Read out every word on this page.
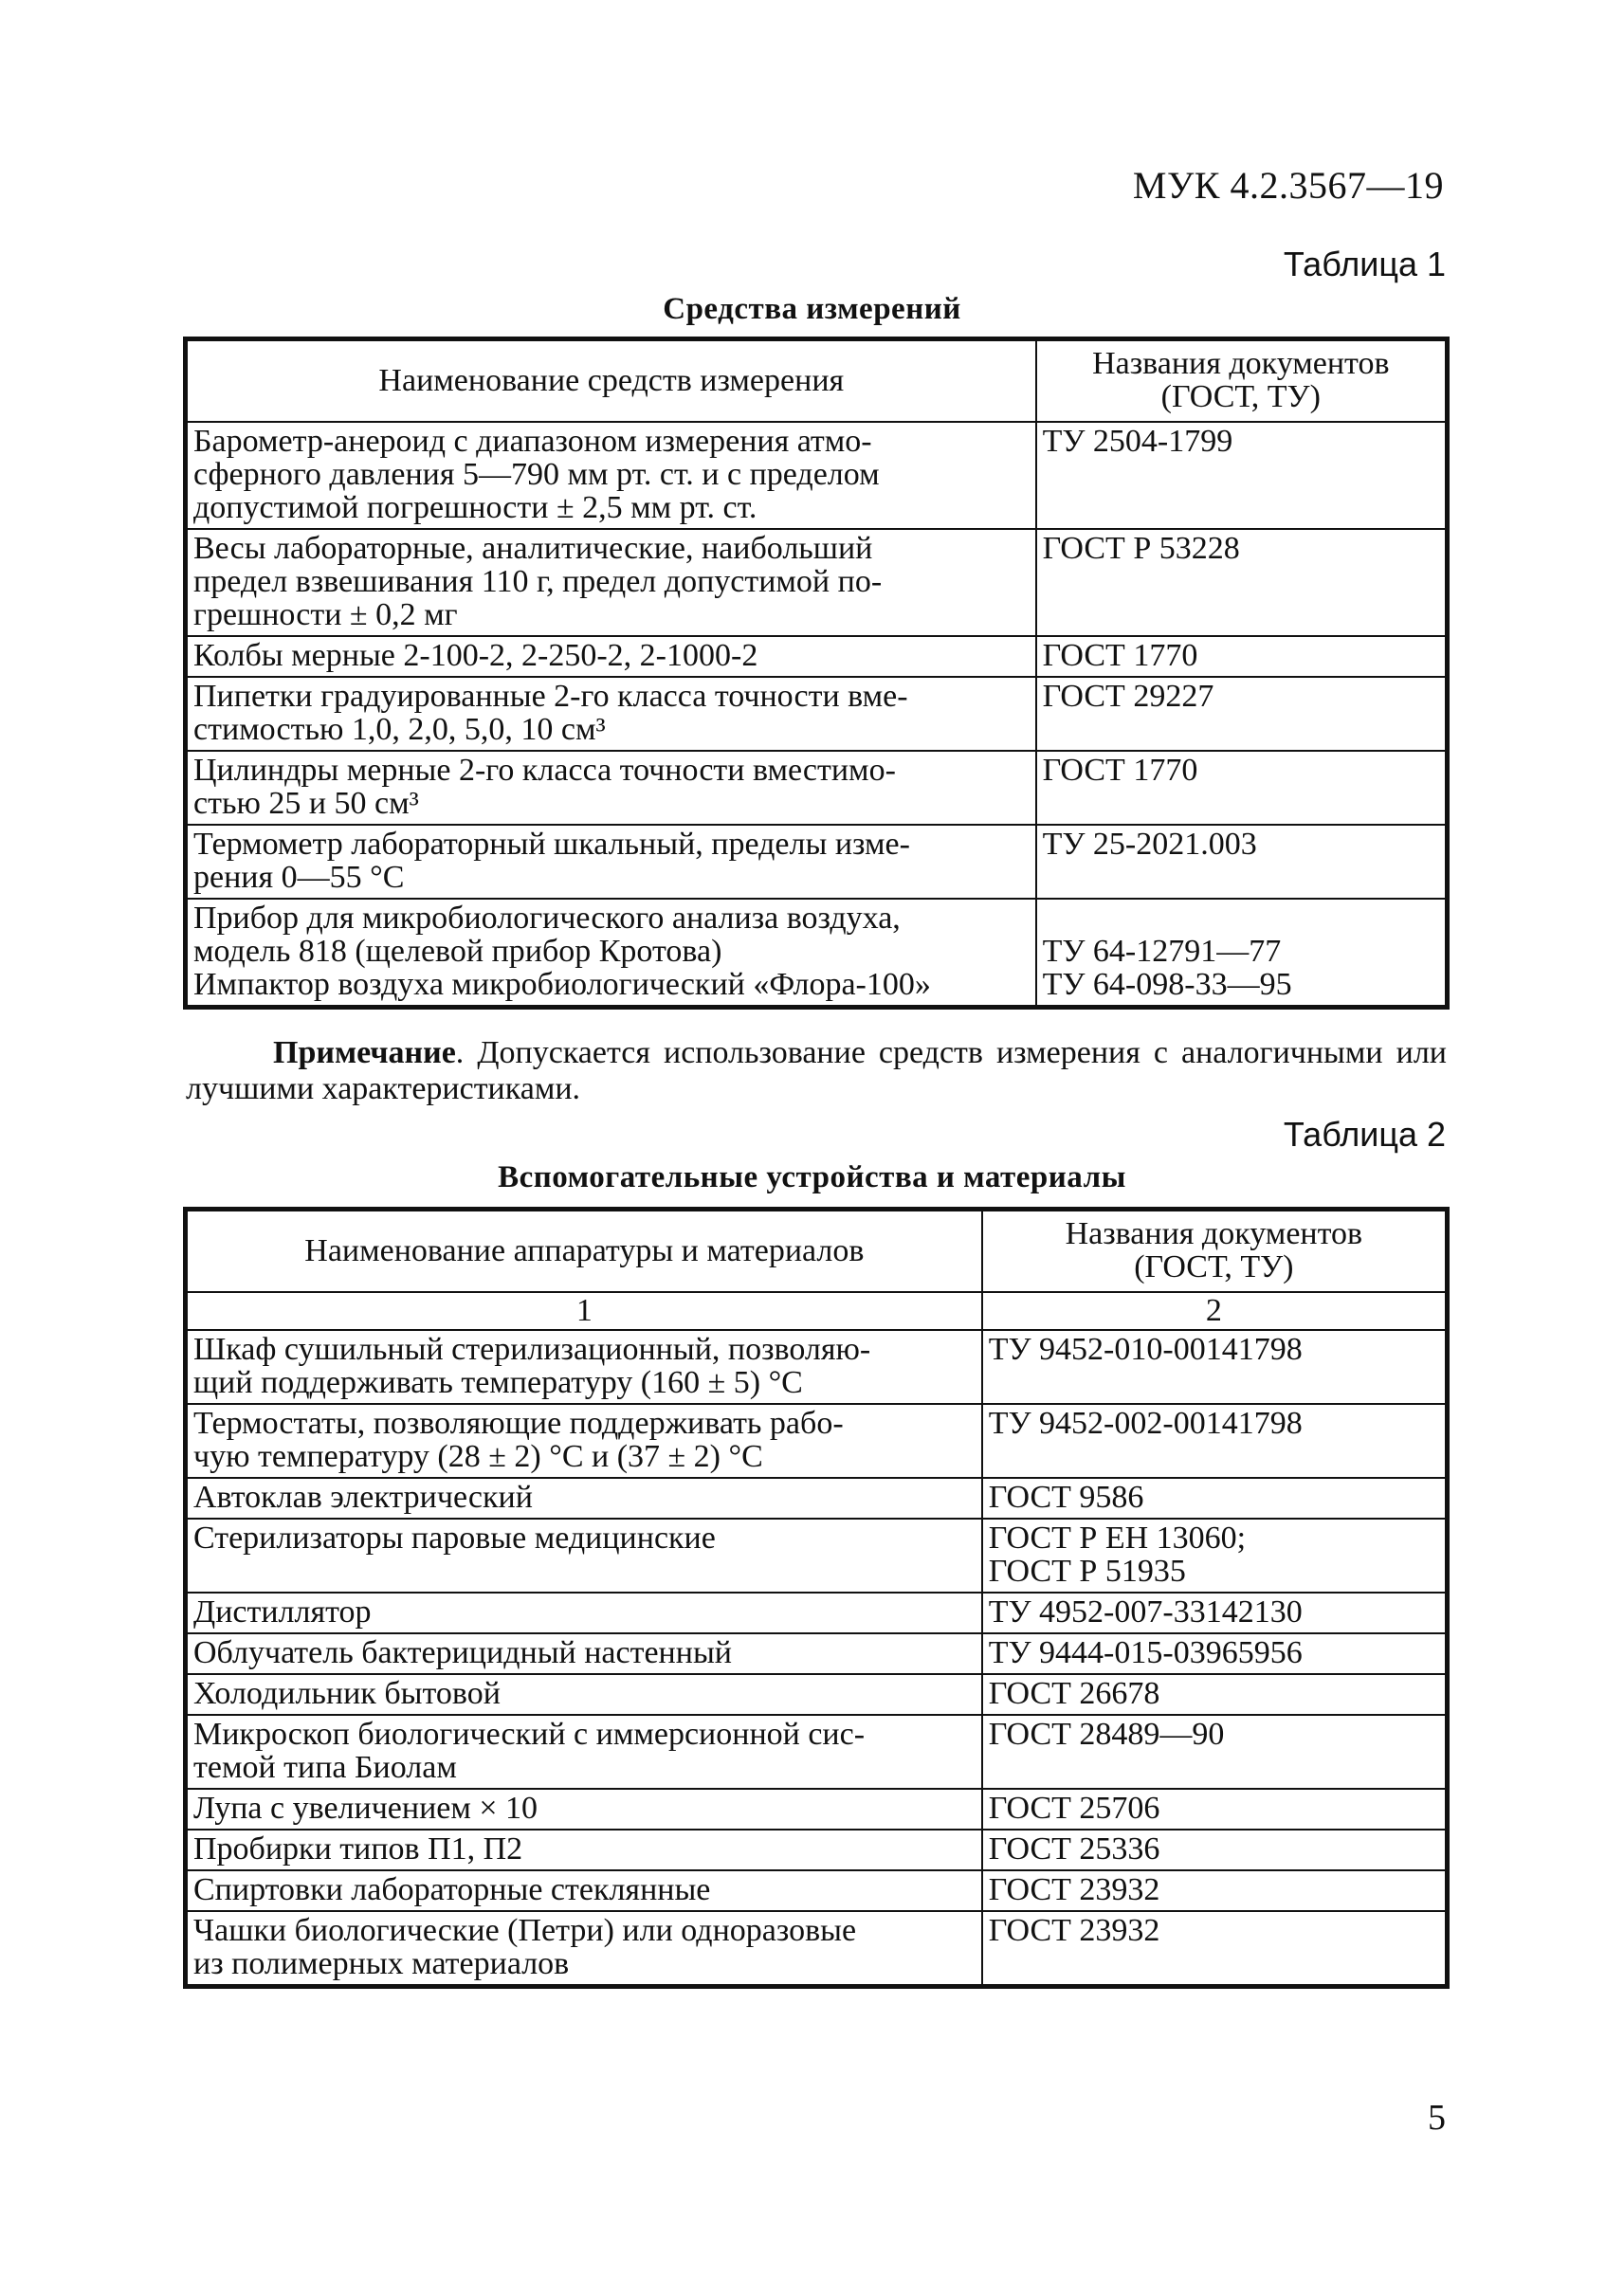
МУК 4.2.3567—19
Таблица 1
Средства измерений
Наименование средств измерения	Названия документов
(ГОСТ, ТУ)

Барометр-анероид с диапазоном измерения атмо-
сферного давления 5—790 мм рт. ст. и с пределом
допустимой погрешности ± 2,5 мм рт. ст.	ТУ 2504-1799

Весы лабораторные, аналитические, наибольший
предел взвешивания 110 г, предел допустимой по-
грешности ± 0,2 мг	ГОСТ Р 53228

Колбы мерные 2-100-2, 2-250-2, 2-1000-2	ГОСТ 1770

Пипетки градуированные 2-го класса точности вме-
стимостью 1,0, 2,0, 5,0, 10 см³	ГОСТ 29227

Цилиндры мерные 2-го класса точности вместимо-
стью 25 и 50 см³	ГОСТ 1770

Термометр лабораторный шкальный, пределы изме-
рения 0—55 °С	ТУ 25-2021.003

Прибор для микробиологического анализа воздуха,
модель 818 (щелевой прибор Кротова)
Импактор воздуха микробиологический «Флора-100»	ТУ 64-12791—77
ТУ 64-098-33—95
Примечание. Допускается использование средств измерения с аналогичными или лучшими характеристиками.
Таблица 2
Вспомогательные устройства и материалы
Наименование аппаратуры и материалов	Названия документов
(ГОСТ, ТУ)

1	2

Шкаф сушильный стерилизационный, позволяю-
щий поддерживать температуру (160 ± 5) °С	ТУ 9452-010-00141798

Термостаты, позволяющие поддерживать рабо-
чую температуру (28 ± 2) °С и (37 ± 2) °С	ТУ 9452-002-00141798

Автоклав электрический	ГОСТ 9586

Стерилизаторы паровые медицинские	ГОСТ Р ЕН 13060;
ГОСТ Р 51935

Дистиллятор	ТУ 4952-007-33142130

Облучатель бактерицидный настенный	ТУ 9444-015-03965956

Холодильник бытовой	ГОСТ 26678

Микроскоп биологический с иммерсионной сис-
темой типа Биолам	ГОСТ 28489—90

Лупа с увеличением × 10	ГОСТ 25706

Пробирки типов П1, П2	ГОСТ 25336

Спиртовки лабораторные стеклянные	ГОСТ 23932

Чашки биологические (Петри) или одноразовые
из полимерных материалов	ГОСТ 23932
5
